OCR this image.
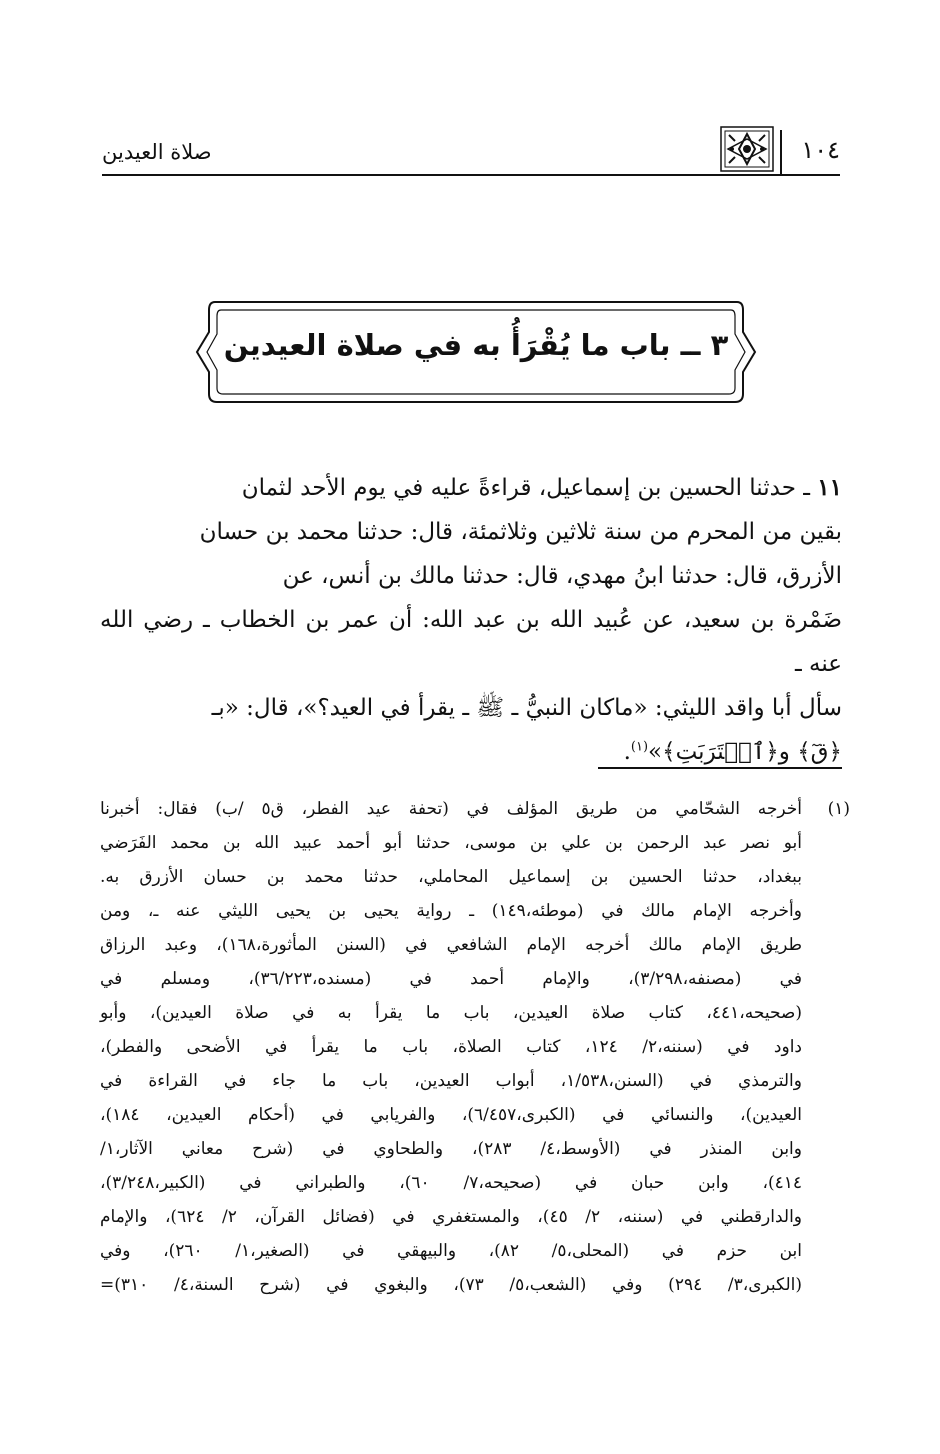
صلاة العيدين	١٠٤
٣ ــ باب ما يُقْرَأُ به في صلاة العيدين
١١ ـ حدثنا الحسين بن إسماعيل، قراءةً عليه في يوم الأحد لثمان
بقين من المحرم من سنة ثلاثين وثلاثمئة، قال: حدثنا محمد بن حسان
الأزرق، قال: حدثنا ابنُ مهدي، قال: حدثنا مالك بن أنس، عن
ضَمْرة بن سعيد، عن عُبيد الله بن عبد الله: أن عمر بن الخطاب ـ رضي الله عنه ـ
سأل أبا واقد الليثي: «ماكان النبيُّ ـ ﷺ ـ يقرأ في العيد؟»، قال: «بـ
﴿قٓ﴾ و﴿ٱقۡتَرَبَتِ﴾»$^{(١)}$.
(١)
أخرجه الشحّامي من طريق المؤلف في (تحفة عيد الفطر، ق٥ /ب) فقال: أخبرنا
أبو نصر عبد الرحمن بن علي بن موسى، حدثنا أبو أحمد عبيد الله بن محمد الفَرَضي
ببغداد، حدثنا الحسين بن إسماعيل المحاملي، حدثنا محمد بن حسان الأزرق به.
وأخرجه الإمام مالك في (موطئه،١٤٩) ـ رواية يحيى بن يحيى الليثي عنه ـ، ومن
طريق الإمام مالك أخرجه الإمام الشافعي في (السنن المأثورة،١٦٨)، وعبد الرزاق
في (مصنفه،٣/٢٩٨)، والإمام أحمد في (مسنده،٣٦/٢٢٣)، ومسلم في
(صحيحه،٤٤١، كتاب صلاة العيدين، باب ما يقرأ به في صلاة العيدين)، وأبو
داود في (سننه،٢/ ١٢٤، كتاب الصلاة، باب ما يقرأ في الأضحى والفطر)،
والترمذي في (السنن،١/٥٣٨، أبواب العيدين، باب ما جاء في القراءة في
العيدين)، والنسائي في (الكبرى،٦/٤٥٧)، والفريابي في (أحكام العيدين، ١٨٤)،
وابن المنذر في (الأوسط،٤/ ٢٨٣)، والطحاوي في (شرح معاني الآثار،١/
٤١٤)، وابن حبان في (صحيحه،٧/ ٦٠)، والطبراني في (الكبير،٣/٢٤٨)،
والدارقطني في (سننه، ٢/ ٤٥)، والمستغفري في (فضائل القرآن، ٢/ ٦٢٤)، والإمام
ابن حزم في (المحلى،٥/ ٨٢)، والبيهقي في (الصغير،١/ ٢٦٠)، وفي
(الكبرى،٣/ ٢٩٤) وفي (الشعب،٥/ ٧٣)، والبغوي في (شرح السنة،٤/ ٣١٠)=
